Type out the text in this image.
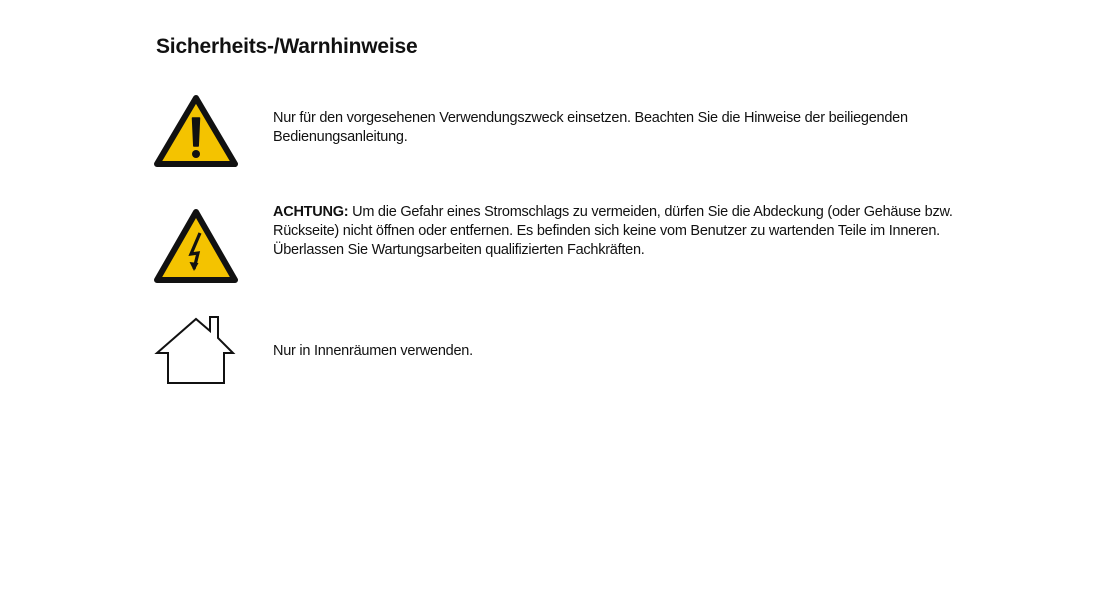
Sicherheits-/Warnhinweise

Nur für den vorgesehenen Verwendungszweck einsetzen. Beachten Sie die Hinweise der beiliegenden Bedienungsanleitung.

ACHTUNG: Um die Gefahr eines Stromschlags zu vermeiden, dürfen Sie die Abdeckung (oder Gehäuse bzw. Rückseite) nicht öffnen oder entfernen. Es befinden sich keine vom Benutzer zu wartenden Teile im Inneren. Überlassen Sie Wartungsarbeiten qualifizierten Fachkräften.

Nur in Innenräumen verwenden.
